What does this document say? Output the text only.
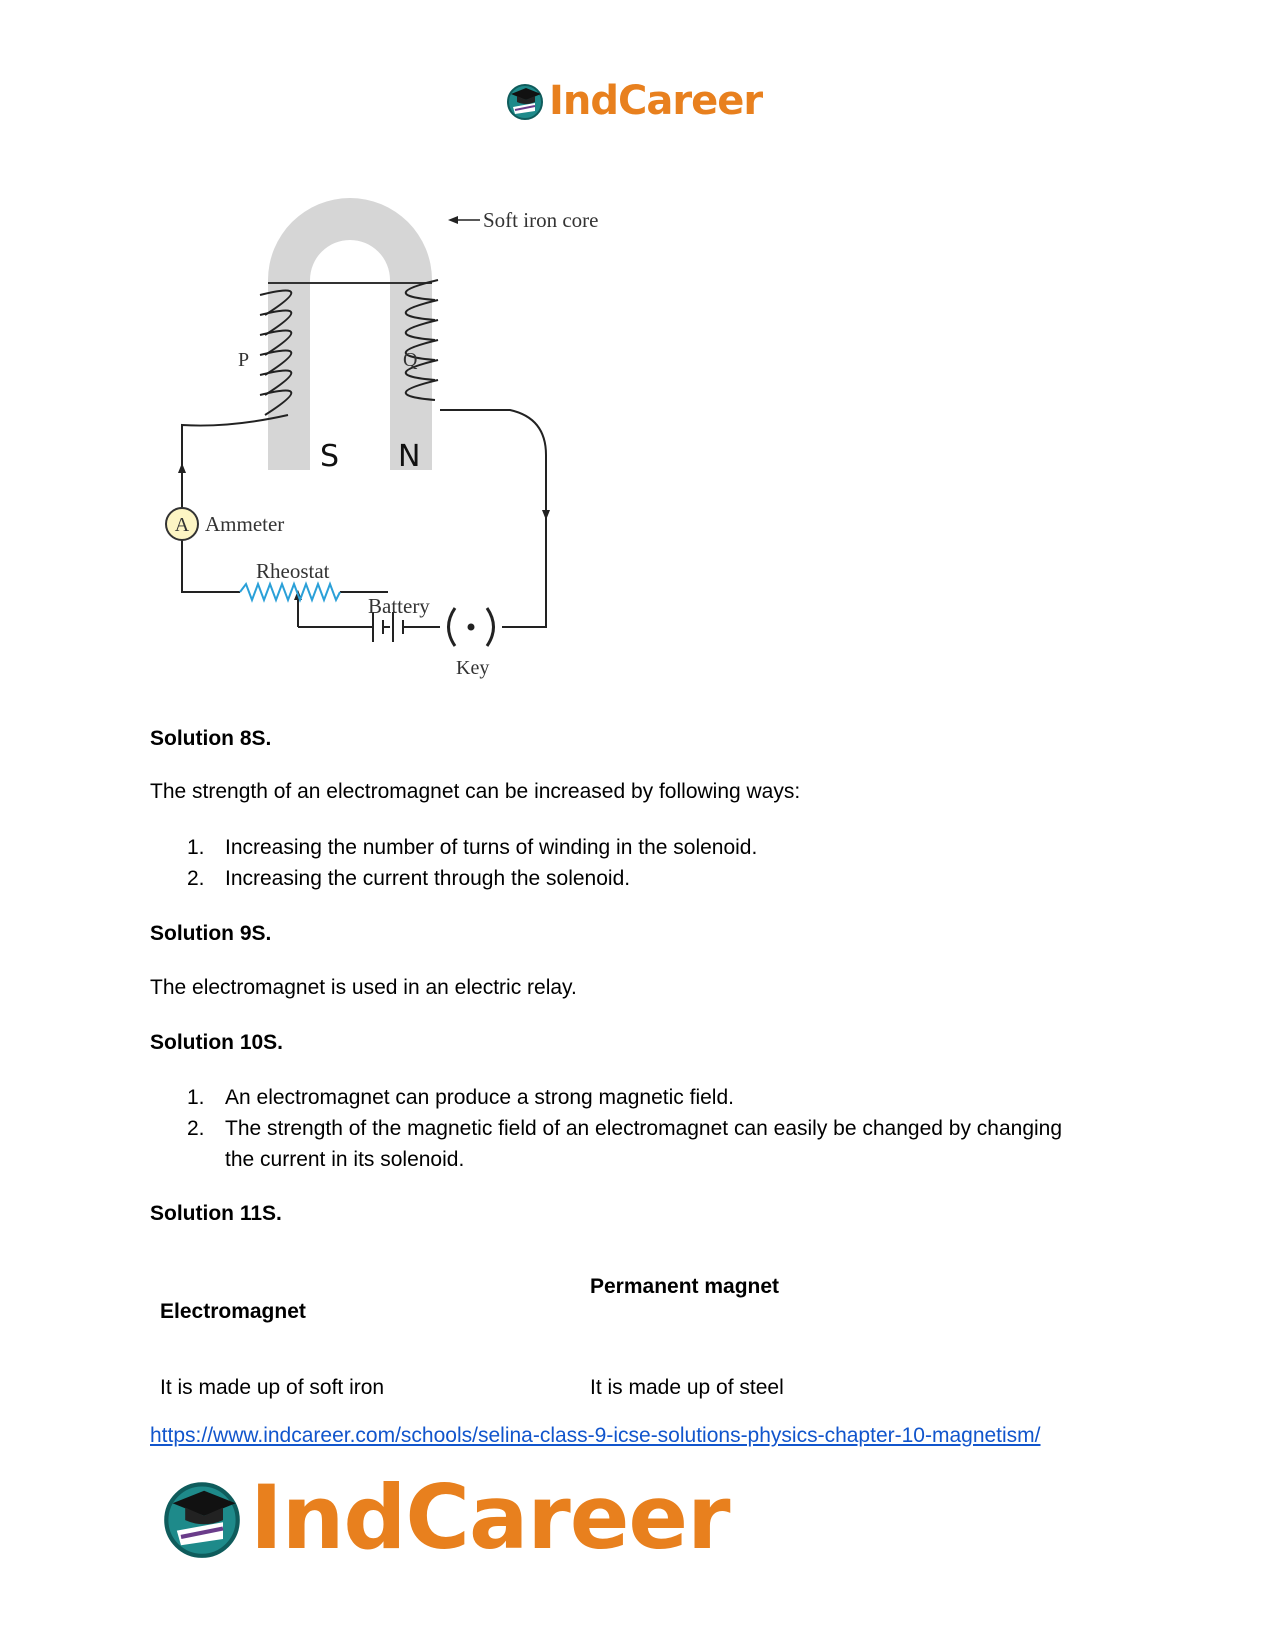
IndCareer
A
Soft iron core
P	Q
S N
Ammeter
Rheostat
Battery
Key
Solution 8S.
The strength of an electromagnet can be increased by following ways:
1. Increasing the number of turns of winding in the solenoid.
2. Increasing the current through the solenoid.
Solution 9S.
The electromagnet is used in an electric relay.
Solution 10S.
1. An electromagnet can produce a strong magnetic field.
2. The strength of the magnetic field of an electromagnet can easily be changed by changing the current in its solenoid.
Solution 11S.
Electromagnet
Permanent magnet
It is made up of soft iron	It is made up of steel
https://www.indcareer.com/schools/selina-class-9-icse-solutions-physics-chapter-10-magnetism/
IndCareer
